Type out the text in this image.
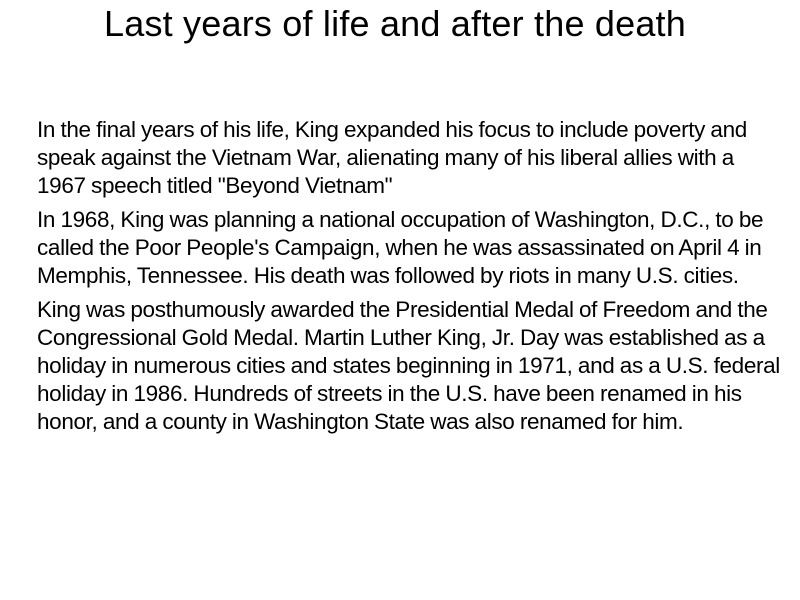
Last years of life and after the death
In the final years of his life, King expanded his focus to include poverty and speak against the Vietnam War, alienating many of his liberal allies with a 1967 speech titled "Beyond Vietnam"
In 1968, King was planning a national occupation of Washington, D.C., to be called the Poor People's Campaign, when he was assassinated on April 4 in Memphis, Tennessee. His death was followed by riots in many U.S. cities.
King was posthumously awarded the Presidential Medal of Freedom and the Congressional Gold Medal. Martin Luther King, Jr. Day was established as a holiday in numerous cities and states beginning in 1971, and as a U.S. federal holiday in 1986. Hundreds of streets in the U.S. have been renamed in his honor, and a county in Washington State was also renamed for him.
